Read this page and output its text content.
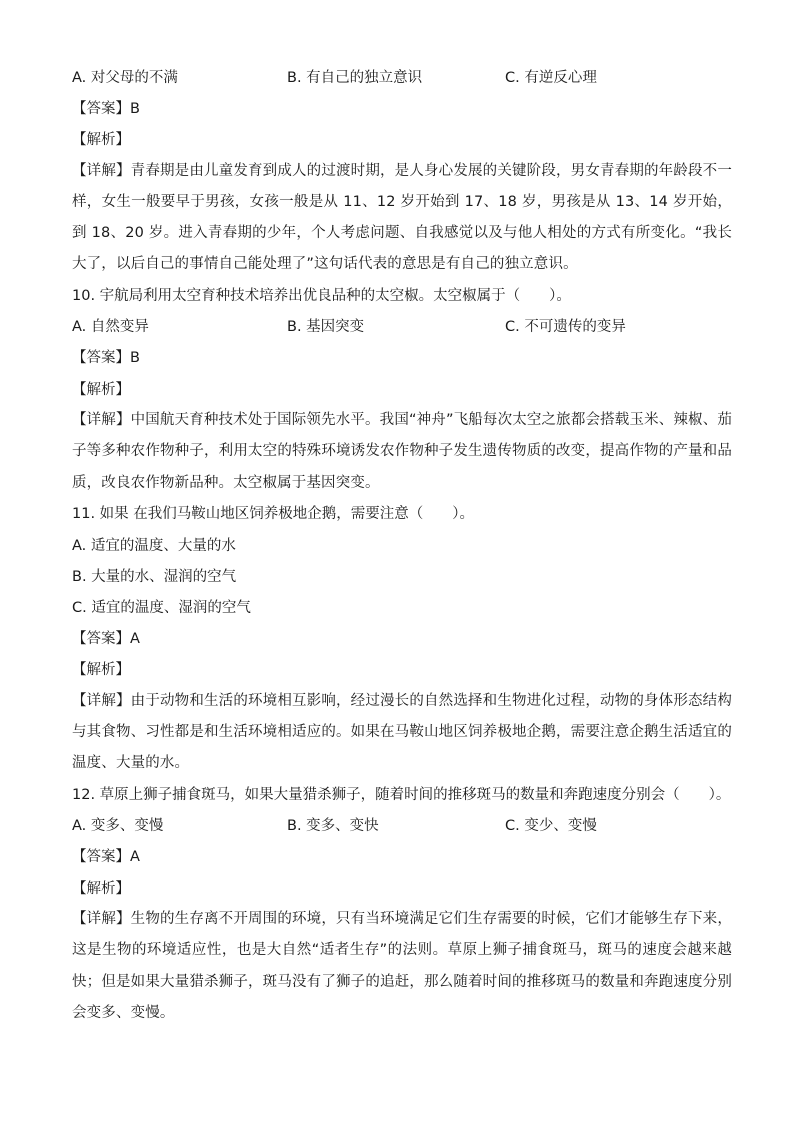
A. 对父母的不满	B. 有自己的独立意识	C. 有逆反心理
【答案】B
【解析】
【详解】青春期是由儿童发育到成人的过渡时期，是人身心发展的关键阶段，男女青春期的年龄段不一样，女生一般要早于男孩，女孩一般是从 11、12 岁开始到 17、18 岁，男孩是从 13、14 岁开始，到 18、20 岁。进入青春期的少年，个人考虑问题、自我感觉以及与他人相处的方式有所变化。“我长大了，以后自己的事情自己能处理了”这句话代表的意思是有自己的独立意识。
10. 宇航局利用太空育种技术培养出优良品种的太空椒。太空椒属于（　　）。
A. 自然变异	B. 基因突变	C. 不可遗传的变异
【答案】B
【解析】
【详解】中国航天育种技术处于国际领先水平。我国“神舟”飞船每次太空之旅都会搭载玉米、辣椒、茄子等多种农作物种子，利用太空的特殊环境诱发农作物种子发生遗传物质的改变，提高作物的产量和品质，改良农作物新品种。太空椒属于基因突变。
11. 如果 在我们马鞍山地区饲养极地企鹅，需要注意（　　）。
A. 适宜的温度、大量的水
B. 大量的水、湿润的空气
C. 适宜的温度、湿润的空气
【答案】A
【解析】
【详解】由于动物和生活的环境相互影响，经过漫长的自然选择和生物进化过程，动物的身体形态结构与其食物、习性都是和生活环境相适应的。如果在马鞍山地区饲养极地企鹅，需要注意企鹅生活适宜的温度、大量的水。
12. 草原上狮子捕食斑马，如果大量猎杀狮子，随着时间的推移斑马的数量和奔跑速度分别会（　　）。
A. 变多、变慢	B. 变多、变快	C. 变少、变慢
【答案】A
【解析】
【详解】生物的生存离不开周围的环境，只有当环境满足它们生存需要的时候，它们才能够生存下来，这是生物的环境适应性，也是大自然“适者生存”的法则。草原上狮子捕食斑马，斑马的速度会越来越快；但是如果大量猎杀狮子，斑马没有了狮子的追赶，那么随着时间的推移斑马的数量和奔跑速度分别会变多、变慢。
